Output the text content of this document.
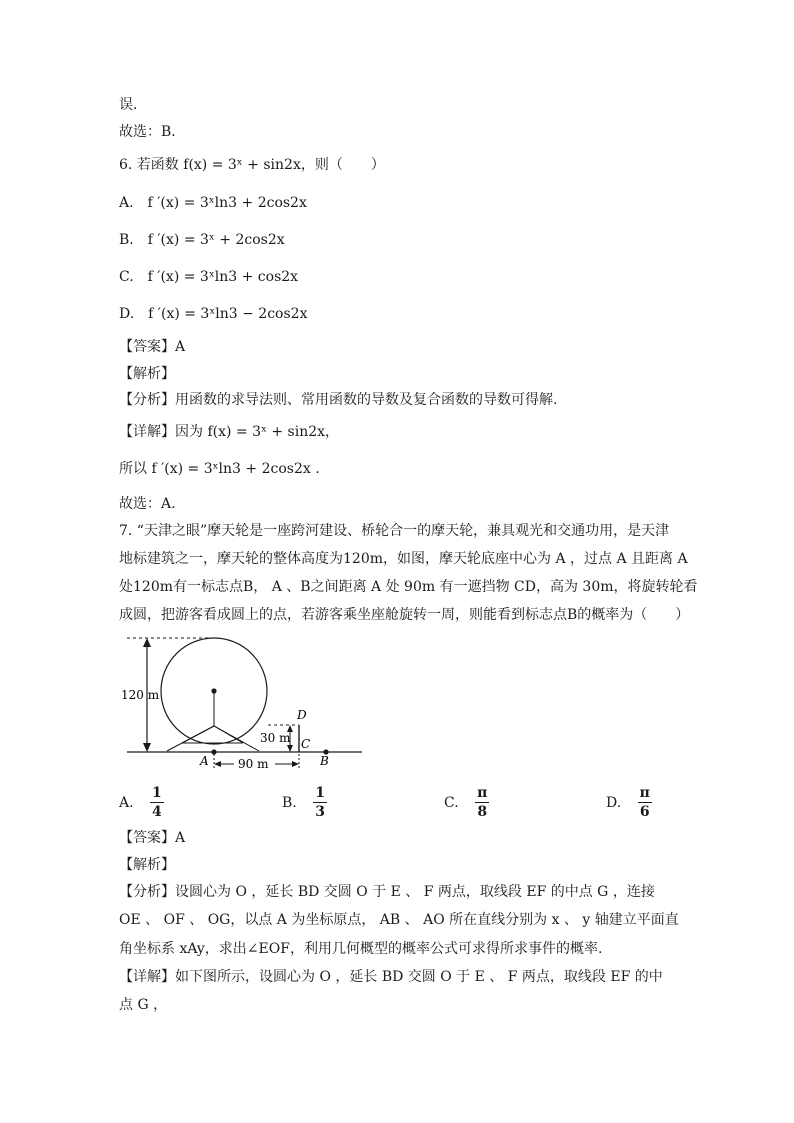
误．
故选：B．
6. 若函数 f(x) = 3ˣ + sin2x，则（　　）
A.　f ′(x) = 3ˣln3 + 2cos2x
B.　f ′(x) = 3ˣ + 2cos2x
C.　f ′(x) = 3ˣln3 + cos2x
D.　f ′(x) = 3ˣln3 − 2cos2x
【答案】A
【解析】
【分析】用函数的求导法则、常用函数的导数及复合函数的导数可得解.
【详解】因为 f(x) = 3ˣ + sin2x，
所以 f ′(x) = 3ˣln3 + 2cos2x .
故选：A.
7. “天津之眼”摩天轮是一座跨河建设、桥轮合一的摩天轮，兼具观光和交通功用，是天津
地标建筑之一，摩天轮的整体高度为120m，如图，摩天轮底座中心为 A ，过点 A 且距离 A
处120m有一标志点B， A 、B之间距离 A 处 90m 有一遮挡物 CD，高为 30m，将旋转轮看
成圆，把游客看成圆上的点，若游客乘坐座舱旋转一周，则能看到标志点B的概率为（　　）
120 m
30 m
D
C
A	B
90 m
A. $\frac{1}{4}$	B. $\frac{1}{3}$	C. $\frac{\pi}{8}$	D. $\frac{\pi}{6}$
【答案】A
【解析】
【分析】设圆心为 O ，延长 BD 交圆 O 于 E 、 F 两点，取线段 EF 的中点 G ，连接
OE 、 OF 、 OG，以点 A 为坐标原点， AB 、 AO 所在直线分别为 x 、 y 轴建立平面直
角坐标系 xAy，求出∠EOF，利用几何概型的概率公式可求得所求事件的概率.
【详解】如下图所示，设圆心为 O ，延长 BD 交圆 O 于 E 、 F 两点，取线段 EF 的中
点 G ，
